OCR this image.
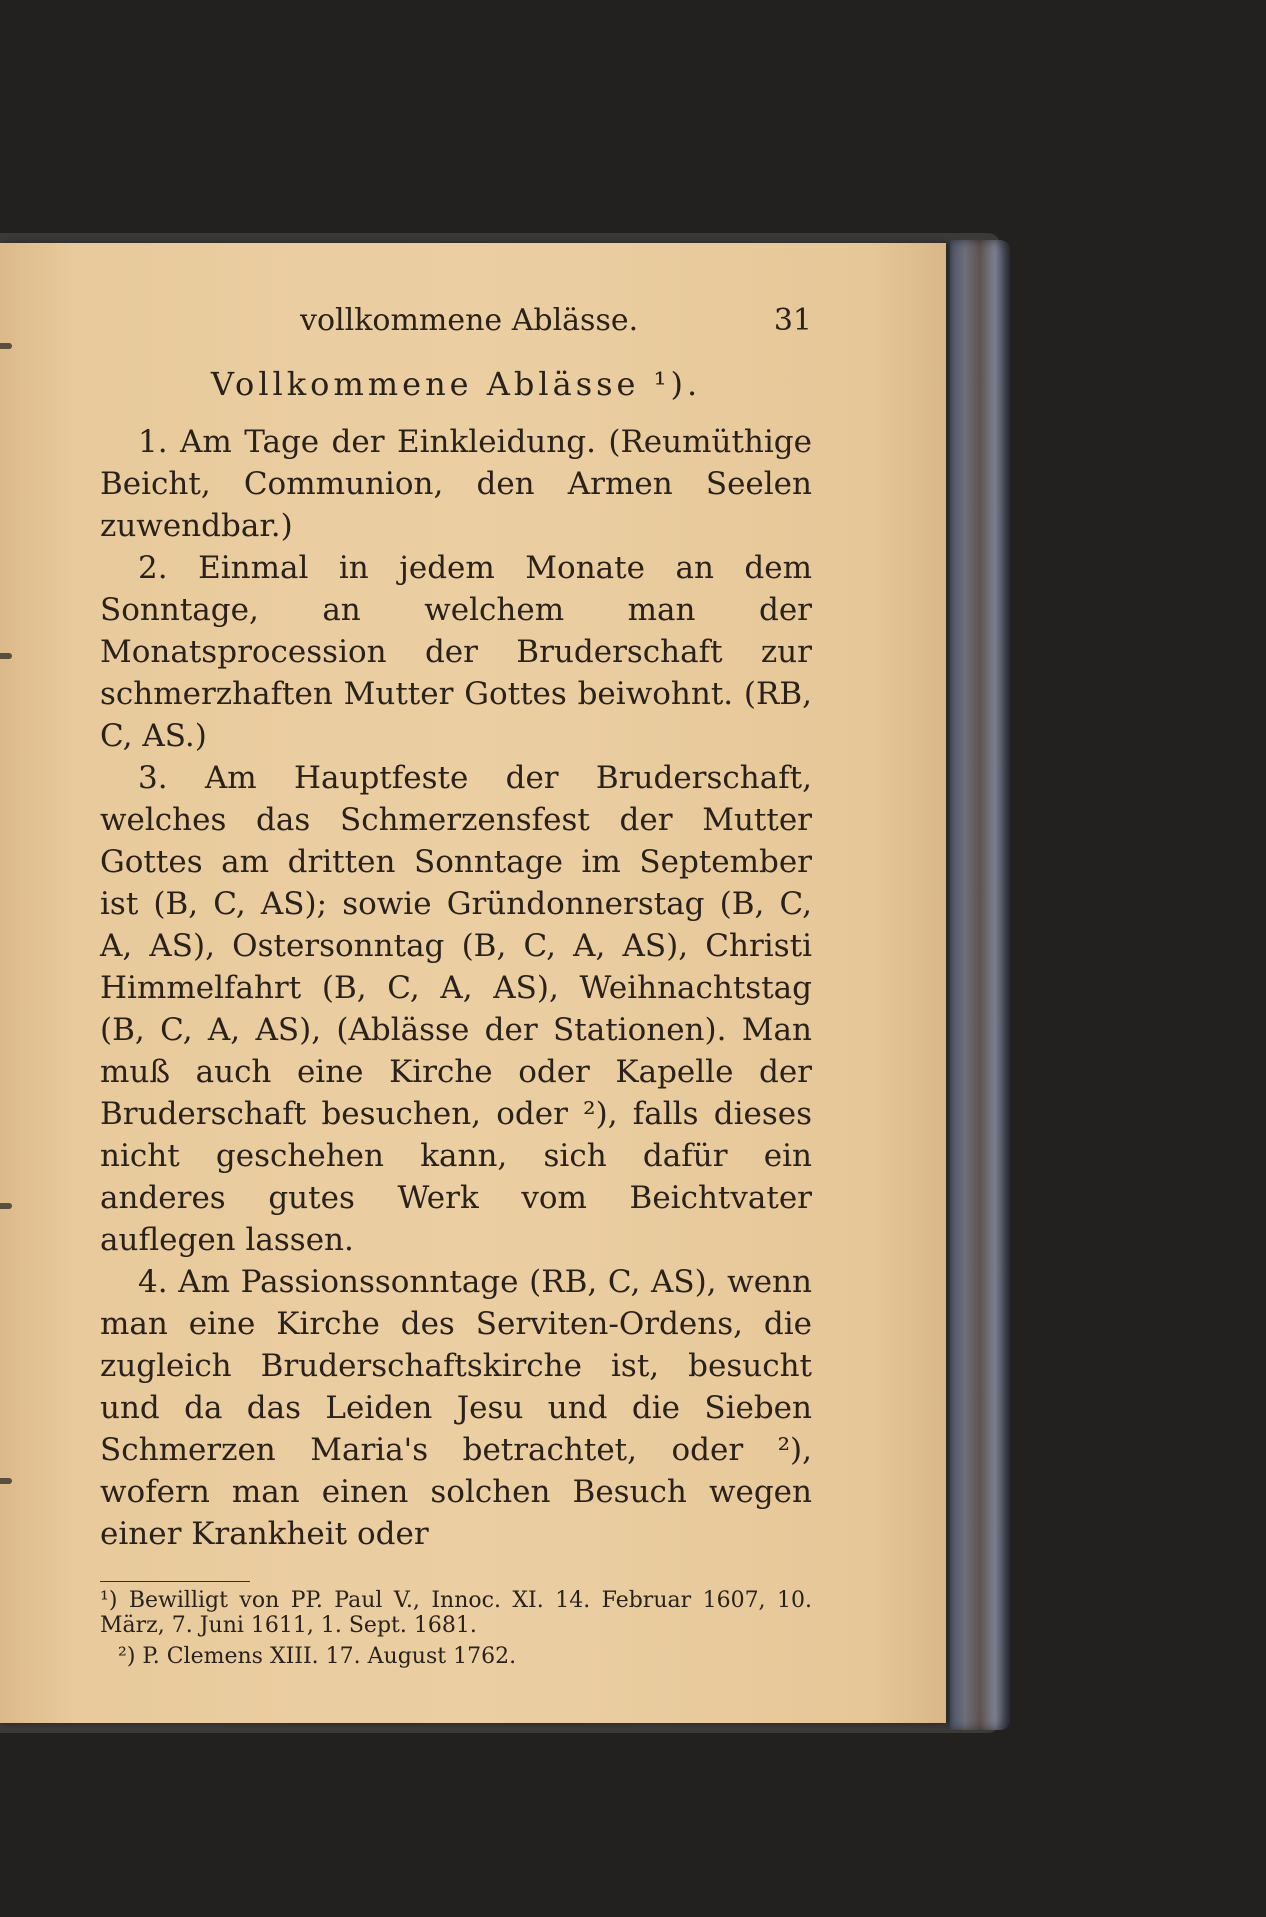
vollkommene Ablässe.	31
Vollkommene Ablässe ¹).

1. Am Tage der Einkleidung. (Reumüthige Beicht, Communion, den Armen Seelen zuwendbar.)

2. Einmal in jedem Monate an dem Sonntage, an welchem man der Monatsprocession der Bruderschaft zur schmerzhaften Mutter Gottes beiwohnt. (RB, C, AS.)

3. Am Hauptfeste der Bruderschaft, welches das Schmerzensfest der Mutter Gottes am dritten Sonntage im September ist (B, C, AS); sowie Gründonnerstag (B, C, A, AS), Ostersonntag (B, C, A, AS), Christi Himmelfahrt (B, C, A, AS), Weihnachtstag (B, C, A, AS), (Ablässe der Stationen). Man muß auch eine Kirche oder Kapelle der Bruderschaft besuchen, oder ²), falls dieses nicht geschehen kann, sich dafür ein anderes gutes Werk vom Beichtvater auflegen lassen.

4. Am Passionssonntage (RB, C, AS), wenn man eine Kirche des Serviten-Ordens, die zugleich Bruderschaftskirche ist, besucht und da das Leiden Jesu und die Sieben Schmerzen Maria's betrachtet, oder ²), wofern man einen solchen Besuch wegen einer Krankheit oder

¹) Bewilligt von PP. Paul V., Innoc. XI. 14. Februar 1607, 10. März, 7. Juni 1611, 1. Sept. 1681.

²) P. Clemens XIII. 17. August 1762.
